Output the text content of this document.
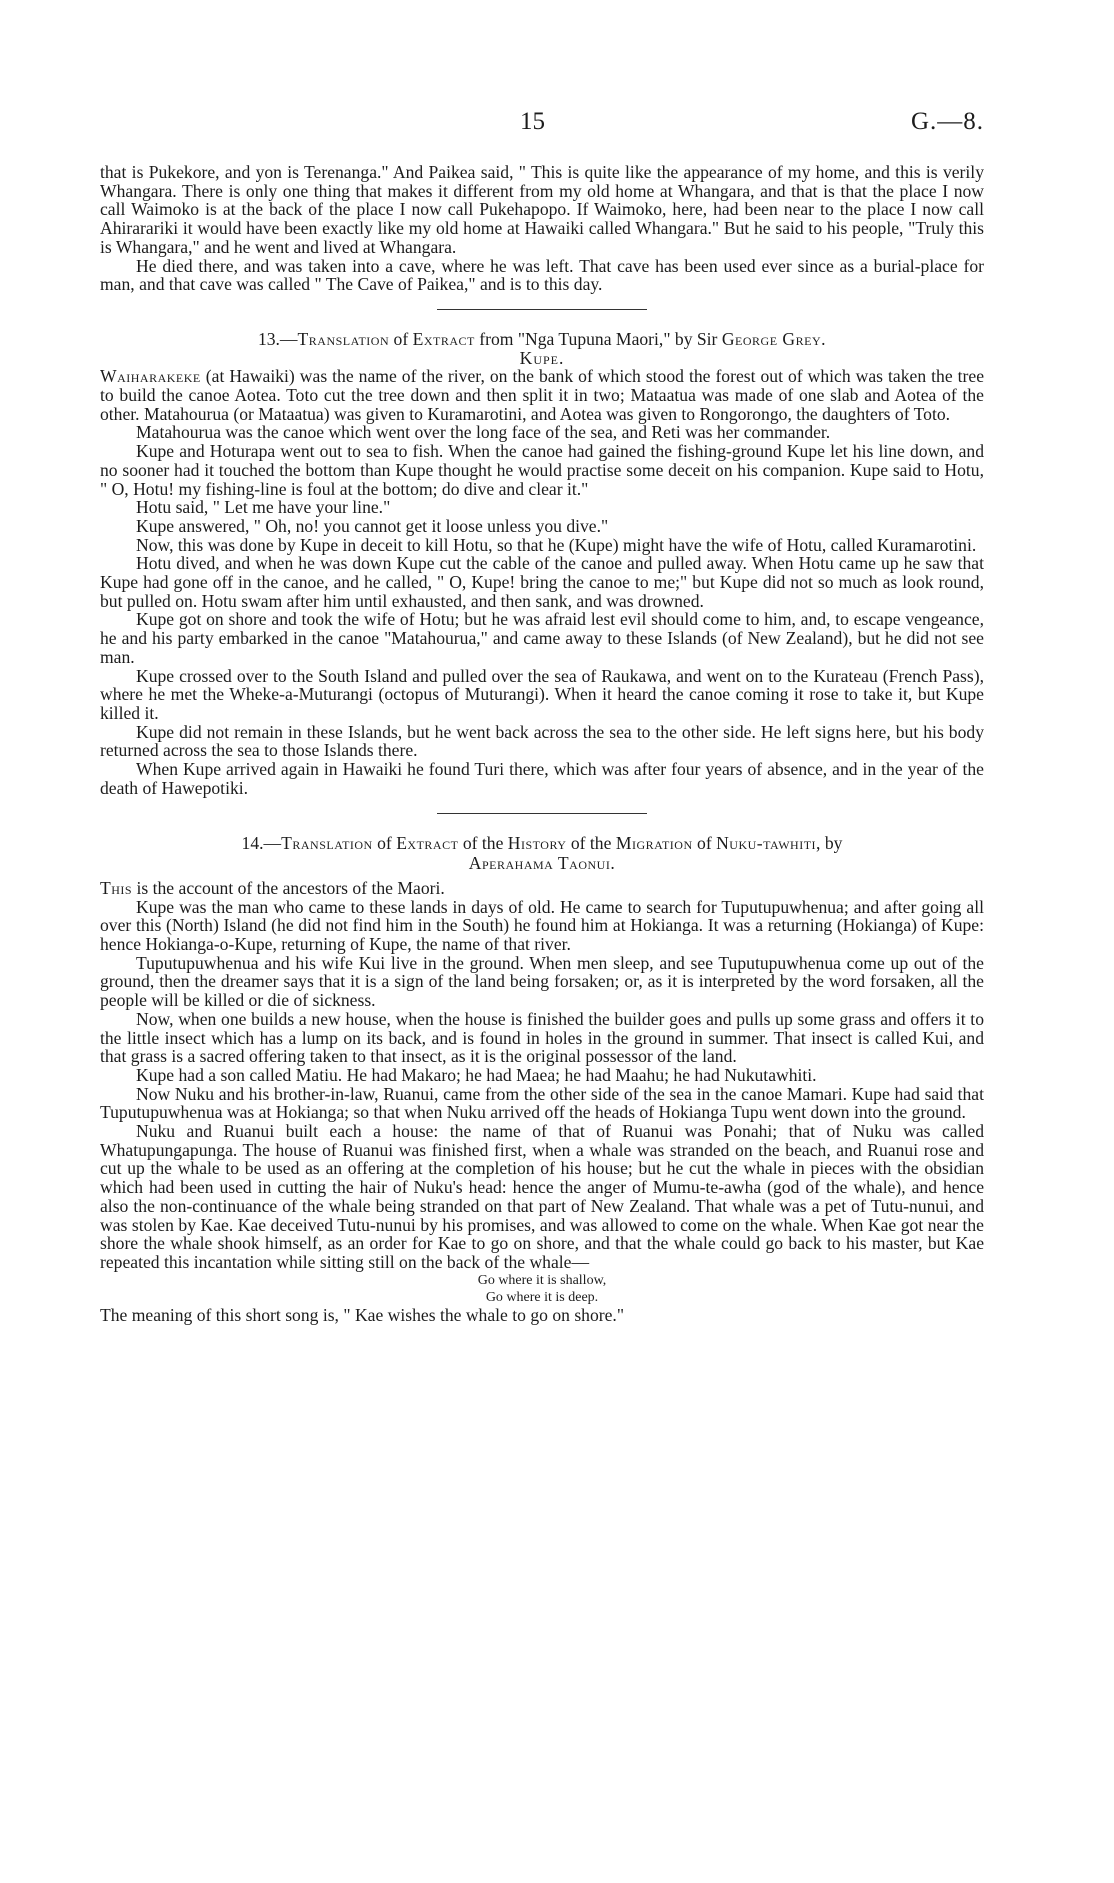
15	G.—8.

that is Pukekore, and yon is Terenanga." And Paikea said, " This is quite like the appearance of my home, and this is verily Whangara. There is only one thing that makes it different from my old home at Whangara, and that is that the place I now call Waimoko is at the back of the place I now call Pukehapopo. If Waimoko, here, had been near to the place I now call Ahirarariki it would have been exactly like my old home at Hawaiki called Whangara." But he said to his people, "Truly this is Whangara," and he went and lived at Whangara.

He died there, and was taken into a cave, where he was left. That cave has been used ever since as a burial-place for man, and that cave was called " The Cave of Paikea," and is to this day.

13.—Translation of Extract from "Nga Tupuna Maori," by Sir George Grey.

Kupe.

Waiharakeke (at Hawaiki) was the name of the river, on the bank of which stood the forest out of which was taken the tree to build the canoe Aotea. Toto cut the tree down and then split it in two; Mataatua was made of one slab and Aotea of the other. Matahourua (or Mataatua) was given to Kuramarotini, and Aotea was given to Rongorongo, the daughters of Toto.

Matahourua was the canoe which went over the long face of the sea, and Reti was her commander.

Kupe and Hoturapa went out to sea to fish. When the canoe had gained the fishing-ground Kupe let his line down, and no sooner had it touched the bottom than Kupe thought he would practise some deceit on his companion. Kupe said to Hotu, " O, Hotu! my fishing-line is foul at the bottom; do dive and clear it."

Hotu said, " Let me have your line."

Kupe answered, " Oh, no! you cannot get it loose unless you dive."

Now, this was done by Kupe in deceit to kill Hotu, so that he (Kupe) might have the wife of Hotu, called Kuramarotini.

Hotu dived, and when he was down Kupe cut the cable of the canoe and pulled away. When Hotu came up he saw that Kupe had gone off in the canoe, and he called, " O, Kupe! bring the canoe to me;" but Kupe did not so much as look round, but pulled on. Hotu swam after him until exhausted, and then sank, and was drowned.

Kupe got on shore and took the wife of Hotu; but he was afraid lest evil should come to him, and, to escape vengeance, he and his party embarked in the canoe "Matahourua," and came away to these Islands (of New Zealand), but he did not see man.

Kupe crossed over to the South Island and pulled over the sea of Raukawa, and went on to the Kurateau (French Pass), where he met the Wheke-a-Muturangi (octopus of Muturangi). When it heard the canoe coming it rose to take it, but Kupe killed it.

Kupe did not remain in these Islands, but he went back across the sea to the other side. He left signs here, but his body returned across the sea to those Islands there.

When Kupe arrived again in Hawaiki he found Turi there, which was after four years of absence, and in the year of the death of Hawepotiki.

14.—Translation of Extract of the History of the Migration of Nuku-tawhiti, by

Aperahama Taonui.

This is the account of the ancestors of the Maori.

Kupe was the man who came to these lands in days of old. He came to search for Tuputupuwhenua; and after going all over this (North) Island (he did not find him in the South) he found him at Hokianga. It was a returning (Hokianga) of Kupe: hence Hokianga-o-Kupe, returning of Kupe, the name of that river.

Tuputupuwhenua and his wife Kui live in the ground. When men sleep, and see Tuputupuwhenua come up out of the ground, then the dreamer says that it is a sign of the land being forsaken; or, as it is interpreted by the word forsaken, all the people will be killed or die of sickness.

Now, when one builds a new house, when the house is finished the builder goes and pulls up some grass and offers it to the little insect which has a lump on its back, and is found in holes in the ground in summer. That insect is called Kui, and that grass is a sacred offering taken to that insect, as it is the original possessor of the land.

Kupe had a son called Matiu. He had Makaro; he had Maea; he had Maahu; he had Nukutawhiti.

Now Nuku and his brother-in-law, Ruanui, came from the other side of the sea in the canoe Mamari. Kupe had said that Tuputupuwhenua was at Hokianga; so that when Nuku arrived off the heads of Hokianga Tupu went down into the ground.

Nuku and Ruanui built each a house: the name of that of Ruanui was Ponahi; that of Nuku was called Whatupungapunga. The house of Ruanui was finished first, when a whale was stranded on the beach, and Ruanui rose and cut up the whale to be used as an offering at the completion of his house; but he cut the whale in pieces with the obsidian which had been used in cutting the hair of Nuku's head: hence the anger of Mumu-te-awha (god of the whale), and hence also the non-continuance of the whale being stranded on that part of New Zealand. That whale was a pet of Tutu-nunui, and was stolen by Kae. Kae deceived Tutu-nunui by his promises, and was allowed to come on the whale. When Kae got near the shore the whale shook himself, as an order for Kae to go on shore, and that the whale could go back to his master, but Kae repeated this incantation while sitting still on the back of the whale—

Go where it is shallow,

Go where it is deep.

The meaning of this short song is, " Kae wishes the whale to go on shore."
